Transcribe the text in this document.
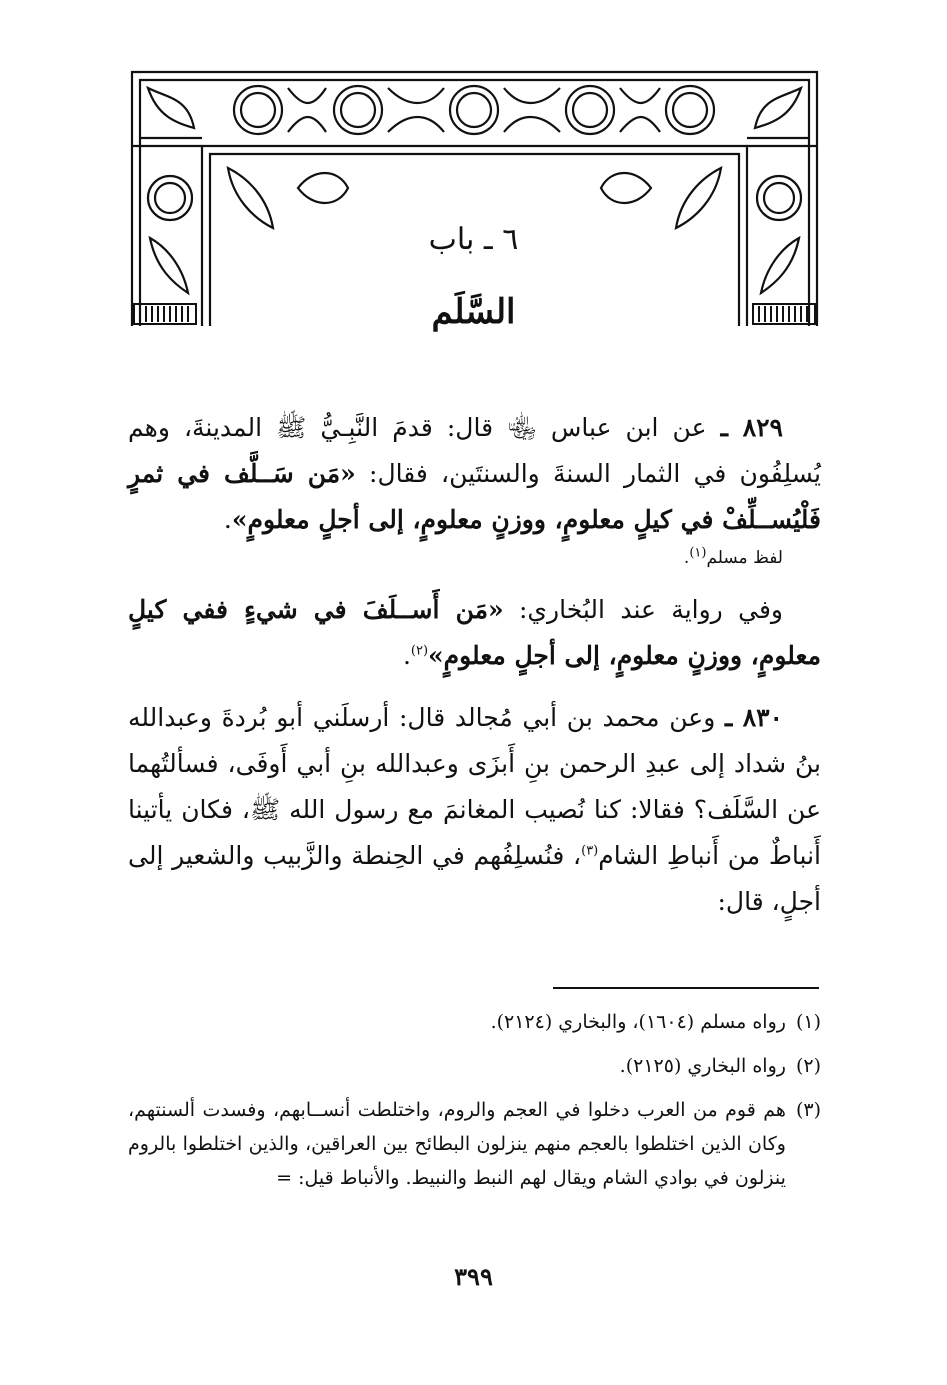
٦ ـ باب
السَّلَم

٨٢٩ ـ عن ابن عباس ﵄ قال: قدمَ النَّبِـيُّ ﷺ المدينةَ، وهم يُسلِفُون في الثمار السنةَ والسنتَين، فقال: «مَن سَــلَّف في ثمرٍ فَلْيُســلِّفْ في كيلٍ معلومٍ، ووزنٍ معلومٍ، إلى أجلٍ معلومٍ».

لفظ مسلم$^{(١)}$.

وفي رواية عند البُخاري: «مَن أَســلَفَ في شيءٍ ففي كيلٍ معلومٍ، ووزنٍ معلومٍ، إلى أجلٍ معلومٍ»$^{(٢)}$.

٨٣٠ ـ وعن محمد بن أبي مُجالد قال: أرسلَني أبو بُردةَ وعبدالله بنُ شداد إلى عبدِ الرحمن بنِ أَبزَى وعبدالله بنِ أبي أَوفَى، فسألتُهما عن السَّلَف؟ فقالا: كنا نُصيب المغانمَ مع رسول الله ﷺ، فكان يأتينا أَنباطٌ من أَنباطِ الشام$^{(٣)}$، فنُسلِفُهم في الحِنطة والزَّبيب والشعير إلى أجلٍ، قال:

(١)
رواه مسلم (١٦٠٤)، والبخاري (٢١٢٤).
(٢)
رواه البخاري (٢١٢٥).
(٣)
هم قوم من العرب دخلوا في العجم والروم، واختلطت أنســابهم، وفسدت ألسنتهم، وكان الذين اختلطوا بالعجم منهم ينزلون البطائح بين العراقين، والذين اختلطوا بالروم ينزلون في بوادي الشام ويقال لهم النبط والنبيط. والأنباط قيل: =
٣٩٩
